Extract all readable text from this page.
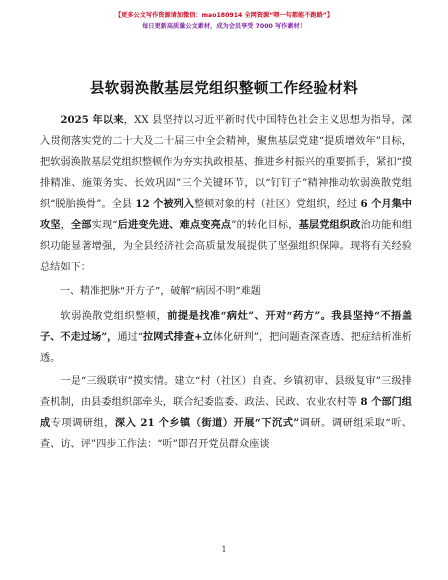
【更多公文写作资源请加微信：mao180914 全网资源“喂一句都能不跑路”】
每日更新高质量公文素材，成为会员享受 7000 写作素材！
县软弱涣散基层党组织整顿工作经验材料

2025 年以来，XX 县坚持以习近平新时代中国特色社会主义思想为指导，深入贯彻落实党的二十大及二十届三中全会精神，聚焦基层党建“提质增效年”目标，把软弱涣散基层党组织整顿作为夯实执政根基、推进乡村振兴的重要抓手，紧扣“摸排精准、施策务实、长效巩固”三个关键环节，以“钉钉子”精神推动软弱涣散党组织“脱胎换骨”。全县 12 个被列入整顿对象的村（社区）党组织，经过 6 个月集中攻坚，全部实现“后进变先进、难点变亮点”的转化目标，基层党组织政治功能和组织功能显著增强，为全县经济社会高质量发展提供了坚强组织保障。现将有关经验总结如下：

一、精准把脉“开方子”，破解“病因不明”难题

软弱涣散党组织整顿，前提是找准“病灶”、开对“药方”。我县坚持“不捂盖子、不走过场”，通过“拉网式排查+立体化研判”，把问题查深查透、把症结析准析透。

一是“三级联审”摸实情。建立“村（社区）自查、乡镇初审、县级复审”三级排查机制，由县委组织部牵头，联合纪委监委、政法、民政、农业农村等 8 个部门组成专项调研组，深入 21 个乡镇（街道）开展“下沉式”调研。调研组采取“听、查、访、评”四步工作法：“听”即召开党员群众座谈

1
